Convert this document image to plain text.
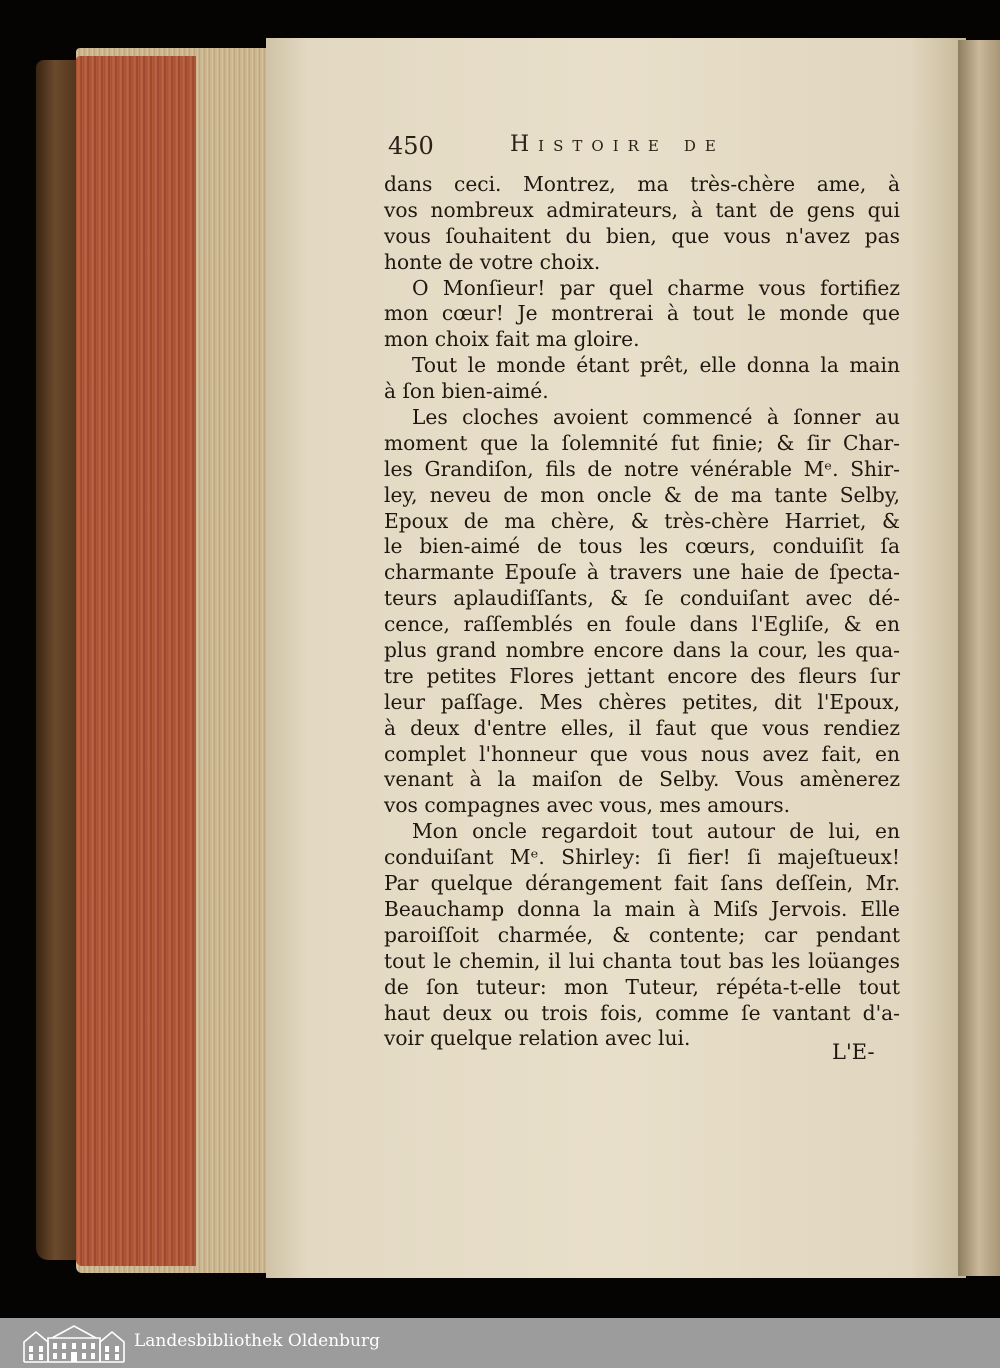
450	Histoire de
dans ceci. Montrez, ma très-chère ame, à
vos nombreux admirateurs, à tant de gens qui
vous ſouhaitent du bien, que vous n'avez pas
honte de votre choix.
O Monſieur! par quel charme vous fortifiez
mon cœur! Je montrerai à tout le monde que
mon choix fait ma gloire.
Tout le monde étant prêt, elle donna la main
à ſon bien-aimé.
Les cloches avoient commencé à ſonner au
moment que la ſolemnité fut finie; & ſir Char-
les Grandiſon, fils de notre vénérable Mᵉ. Shir-
ley, neveu de mon oncle & de ma tante Selby,
Epoux de ma chère, & très-chère Harriet, &
le bien-aimé de tous les cœurs, conduiſit ſa
charmante Epouſe à travers une haie de ſpecta-
teurs aplaudiſſants, & ſe conduiſant avec dé-
cence, raſſemblés en foule dans l'Egliſe, & en
plus grand nombre encore dans la cour, les qua-
tre petites Flores jettant encore des fleurs ſur
leur paſſage. Mes chères petites, dit l'Epoux,
à deux d'entre elles, il faut que vous rendiez
complet l'honneur que vous nous avez fait, en
venant à la maiſon de Selby. Vous amènerez
vos compagnes avec vous, mes amours.
Mon oncle regardoit tout autour de lui, en
conduiſant Mᵉ. Shirley: ſi fier! ſi majeſtueux!
Par quelque dérangement fait ſans deſſein, Mr.
Beauchamp donna la main à Miſs Jervois. Elle
paroiſſoit charmée, & contente; car pendant
tout le chemin, il lui chanta tout bas les loüanges
de ſon tuteur: mon Tuteur, répéta-t-elle tout
haut deux ou trois fois, comme ſe vantant d'a-
voir quelque relation avec lui.
L'E-
Landesbibliothek Oldenburg
